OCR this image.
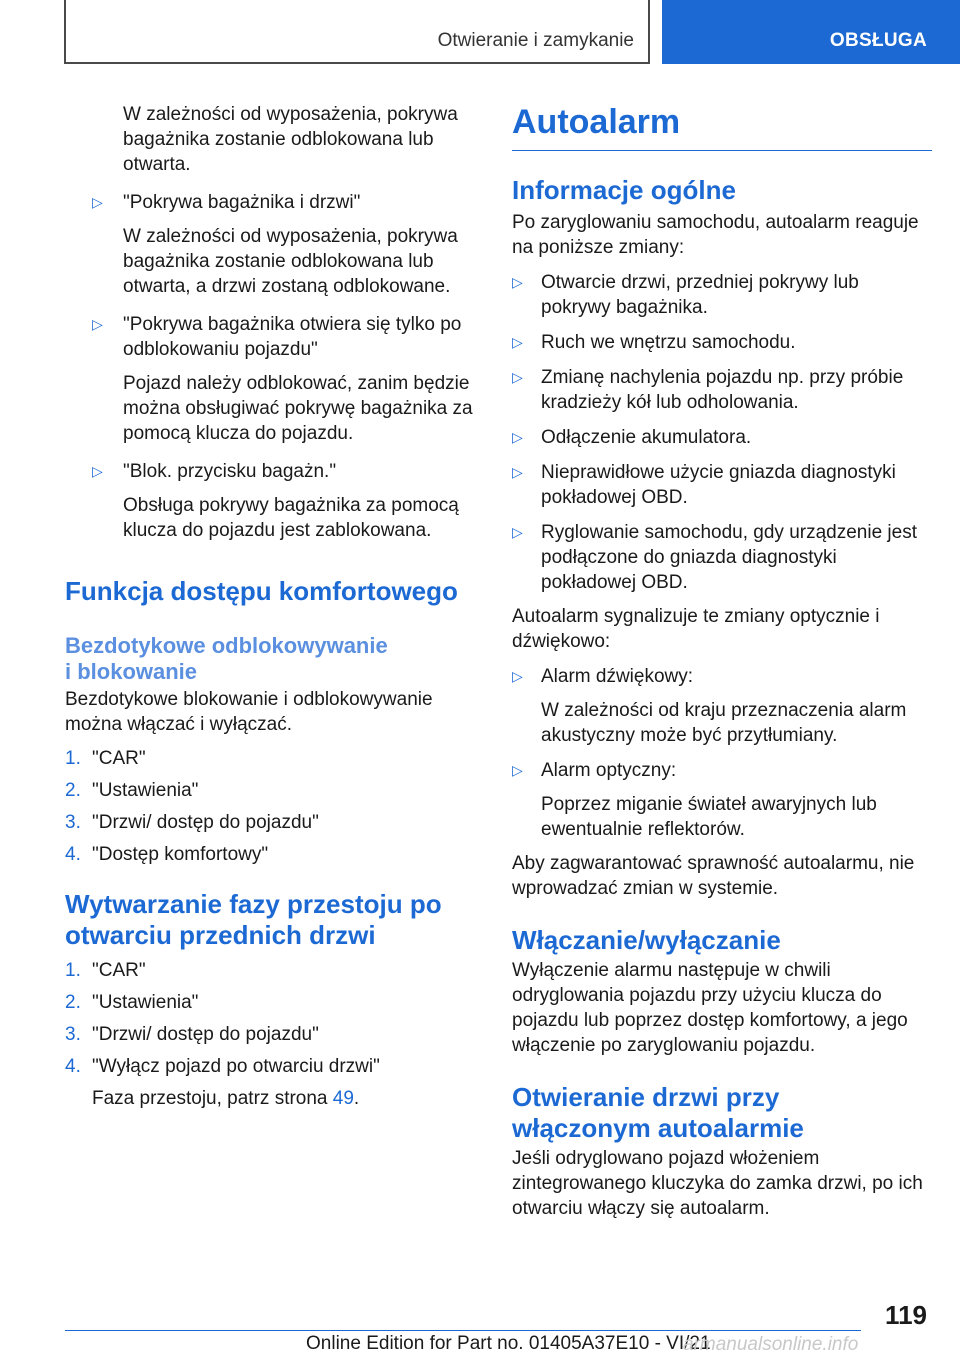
Otwieranie i zamykanie	OBSŁUGA

W zależności od wyposażenia, pokrywa bagażnika zostanie odblokowana lub otwarta.

▷ "Pokrywa bagażnika i drzwi"

W zależności od wyposażenia, pokrywa bagażnika zostanie odblokowana lub otwarta, a drzwi zostaną odblokowane.

▷ "Pokrywa bagażnika otwiera się tylko po odblokowaniu pojazdu"

Pojazd należy odblokować, zanim będzie można obsługiwać pokrywę bagażnika za pomocą klucza do pojazdu.

▷ "Blok. przycisku bagażn."

Obsługa pokrywy bagażnika za pomocą klucza do pojazdu jest zablokowana.

Funkcja dostępu komfortowego
Bezdotykowe odblokowywanie
i blokowanie

Bezdotykowe blokowanie i odblokowywanie można włączać i wyłączać.

1. "CAR"
2. "Ustawienia"
3. "Drzwi/ dostęp do pojazdu"
4. "Dostęp komfortowy"
Wytwarzanie fazy przestoju po
otwarciu przednich drzwi
1. "CAR"
2. "Ustawienia"
3. "Drzwi/ dostęp do pojazdu"
4. "Wyłącz pojazd po otwarciu drzwi"

Faza przestoju, patrz strona 49.

Autoalarm
Informacje ogólne

Po zaryglowaniu samochodu, autoalarm reaguje na poniższe zmiany:

▷ Otwarcie drzwi, przedniej pokrywy lub pokrywy bagażnika.

▷ Ruch we wnętrzu samochodu.

▷ Zmianę nachylenia pojazdu np. przy próbie kradzieży kół lub odholowania.

▷ Odłączenie akumulatora.

▷ Nieprawidłowe użycie gniazda diagnostyki pokładowej OBD.

▷ Ryglowanie samochodu, gdy urządzenie jest podłączone do gniazda diagnostyki pokładowej OBD.

Autoalarm sygnalizuje te zmiany optycznie i dźwiękowo:

▷ Alarm dźwiękowy:

W zależności od kraju przeznaczenia alarm akustyczny może być przytłumiany.

▷ Alarm optyczny:

Poprzez miganie świateł awaryjnych lub ewentualnie reflektorów.

Aby zagwarantować sprawność autoalarmu, nie wprowadzać zmian w systemie.

Włączanie/wyłączanie

Wyłączenie alarmu następuje w chwili odryglowania pojazdu przy użyciu klucza do pojazdu lub poprzez dostęp komfortowy, a jego włączenie po zaryglowaniu pojazdu.

Otwieranie drzwi przy
włączonym autoalarmie

Jeśli odryglowano pojazd włożeniem zintegrowanego kluczyka do zamka drzwi, po ich otwarciu włączy się autoalarm.

119
Online Edition for Part no. 01405A37E10 - VI/21
armanualsonline.info
